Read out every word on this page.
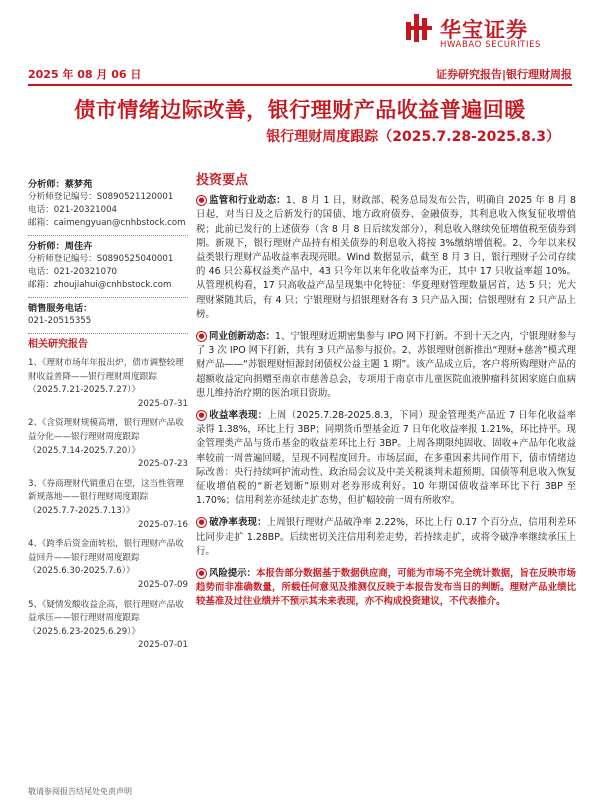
华宝证券
HWABAO SECURITIES
2025 年 08 月 06 日	证券研究报告|银行理财周报
债市情绪边际改善，银行理财产品收益普遍回暖
银行理财周度跟踪（2025.7.28-2025.8.3）
分析师：蔡梦苑
分析师登记编号：S0890521120001
电话：021-20321004
邮箱：caimengyuan@cnhbstock.com
分析师：周佳卉
分析师登记编号：S0890525040001
电话：021-20321070
邮箱：zhoujiahui@cnhbstock.com
销售服务电话：
021-20515355
相关研究报告
1、《理财市场年年报出炉，债市调整较理财收益普降——银行理财周度跟踪（2025.7.21-2025.7.27）》
2025-07-31
2、《含资理财规模高增，银行理财产品收益分化——银行理财周度跟踪（2025.7.14-2025.7.20）》
2025-07-23
3、《券商理财代销重启在望，这当性管理新规落地——银行理财周度跟踪（2025.7.7-2025.7.13）》
2025-07-16
4、《跨季后资金面转松，银行理财产品收益回升——银行理财周度跟踪（2025.6.30-2025.7.6）》
2025-07-09
5、《疑情发酸收益企高，银行理财产品收益承压——银行理财周度跟踪（2025.6.23-2025.6.29）》
2025-07-01
投资要点
● 监管和行业动态：1、8 月 1 日，财政部、税务总局发布公告，明确自 2025 年 8 月 8 日起，对当日及之后新发行的国债、地方政府债券、金融债券，其利息收入恢复征收增值税；此前已发行的上述债券（含 8 月 8 日后续发部分），利息收入继续免征增值税至债券到期。新规下，银行理财产品持有相关债券的利息收入将按 3%缴纳增值税。2、今年以来权益类银行理财产品收益率表现亮眼。Wind 数据显示，截至 8 月 3 日，银行理财子公司存续的 46 只公募权益类产品中，43 只今年以来年化收益率为正，其中 17 只收益率超 10%。从管理机构看，17 只高收益产品呈现集中化特征：华夏理财管理数量居首，达 5 只；光大理财紧随其后，有 4 只；宁银理财与招银理财各有 3 只产品入围；信银理财有 2 只产品上榜。
● 同业创新动态：1、宁银理财近期密集参与 IPO 网下打新。不到十天之内，宁银理财参与了 3 次 IPO 网下打新，共有 3 只产品参与报价。2、苏银理财创新推出“理财+慈善”模式理财产品——“苏银理财恒源封闭债权公益主题 1 期”。该产品成立后，客户将所购理财产品的超额收益定向捐赠至南京市慈善总会，专项用于南京市儿童医院血液肿瘤科贫困家庭白血病患儿维持治疗期的医治项目资助。
● 收益率表现：上周（2025.7.28-2025.8.3，下同）现金管理类产品近 7 日年化收益率录得 1.38%，环比上行 3BP；同期货币型基金近 7 日年化收益率报 1.21%，环比持平。现金管理类产品与货币基金的收益差环比上行 3BP。上周各期限纯固收、固收+产品年化收益率较前一周普遍回暖，呈现不同程度回升。市场层面，在多重因素共同作用下，债市情绪边际改善：央行持续呵护流动性、政治局会议及中美关税谈判未超预期、国债等利息收入恢复征收增值税的“新老划断”原则对老券形成利好。10 年期国债收益率环比下行 3BP 至 1.70%；信用利差亦延续走扩态势，但扩幅较前一周有所收窄。
● 破净率表现：上周银行理财产品破净率 2.22%，环比上行 0.17 个百分点，信用利差环比同步走扩 1.28BP。后续密切关注信用利差走势，若持续走扩，或将令破净率继续承压上行。
● 风险提示：本报告部分数据基于数据供应商，可能为市场不完全统计数据，旨在反映市场趋势而非准确数量，所载任何意见及推测仅反映于本报告发布当日的判断。理财产品业绩比较基准及过往业绩并不预示其未来表现，亦不构成投资建议，不代表推介。
敬请参阅报告结尾处免责声明
